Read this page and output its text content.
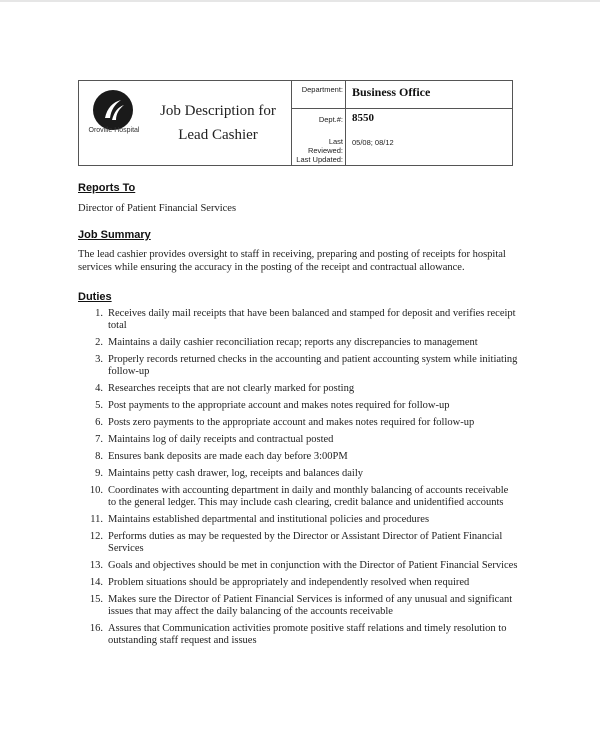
Oroville Hospital
Job Description for
Lead Cashier
Department: Business Office
Dept.#: 8550
Last Reviewed:
05/08; 08/12
Last Updated:
Reports To
Director of Patient Financial Services
Job Summary
The lead cashier provides oversight to staff in receiving, preparing and posting of receipts for hospital services while ensuring the accuracy in the posting of the receipt and contractual allowance.
Duties
1. Receives daily mail receipts that have been balanced and stamped for deposit and verifies receipt total
2. Maintains a daily cashier reconciliation recap; reports any discrepancies to management
3. Properly records returned checks in the accounting and patient accounting system while initiating follow-up
4. Researches receipts that are not clearly marked for posting
5. Post payments to the appropriate account and makes notes required for follow-up
6. Posts zero payments to the appropriate account and makes notes required for follow-up
7. Maintains log of daily receipts and contractual posted
8. Ensures bank deposits are made each day before 3:00PM
9. Maintains petty cash drawer, log, receipts and balances daily
10. Coordinates with accounting department in daily and monthly balancing of accounts receivable to the general ledger. This may include cash clearing, credit balance and unidentified accounts
11. Maintains established departmental and institutional policies and procedures
12. Performs duties as may be requested by the Director or Assistant Director of Patient Financial Services
13. Goals and objectives should be met in conjunction with the Director of Patient Financial Services
14. Problem situations should be appropriately and independently resolved when required
15. Makes sure the Director of Patient Financial Services is informed of any unusual and significant issues that may affect the daily balancing of the accounts receivable
16. Assures that Communication activities promote positive staff relations and timely resolution to outstanding staff request and issues
